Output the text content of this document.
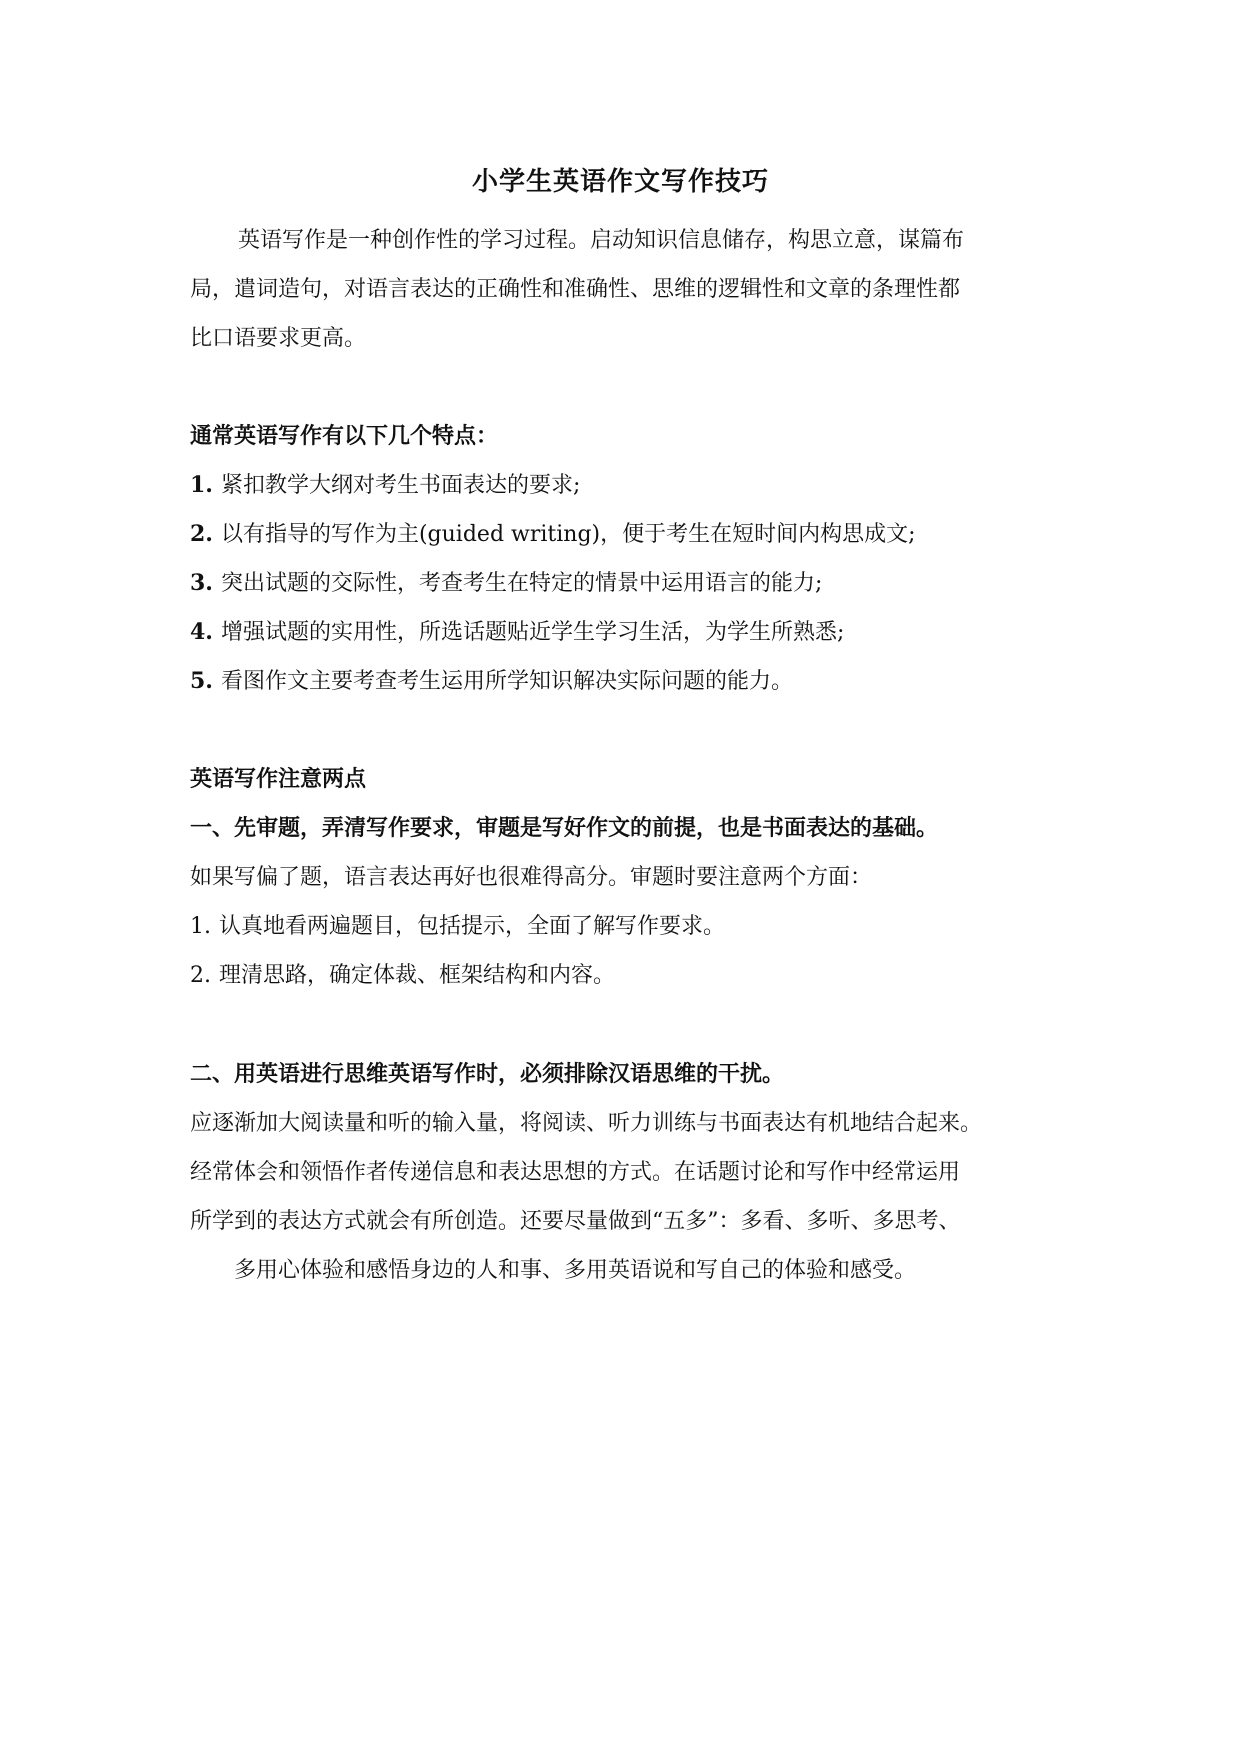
小学生英语作文写作技巧
英语写作是一种创作性的学习过程。启动知识信息储存，构思立意，谋篇布
局，遣词造句，对语言表达的正确性和准确性、思维的逻辑性和文章的条理性都
比口语要求更高。
通常英语写作有以下几个特点：
1. 紧扣教学大纲对考生书面表达的要求;
2. 以有指导的写作为主(guided writing)，便于考生在短时间内构思成文;
3. 突出试题的交际性，考查考生在特定的情景中运用语言的能力;
4. 增强试题的实用性，所选话题贴近学生学习生活，为学生所熟悉;
5. 看图作文主要考查考生运用所学知识解决实际问题的能力。
英语写作注意两点
一、先审题，弄清写作要求，审题是写好作文的前提，也是书面表达的基础。
如果写偏了题，语言表达再好也很难得高分。审题时要注意两个方面：
1. 认真地看两遍题目，包括提示，全面了解写作要求。
2. 理清思路，确定体裁、框架结构和内容。
二、用英语进行思维英语写作时，必须排除汉语思维的干扰。
应逐渐加大阅读量和听的输入量，将阅读、听力训练与书面表达有机地结合起来。
经常体会和领悟作者传递信息和表达思想的方式。在话题讨论和写作中经常运用
所学到的表达方式就会有所创造。还要尽量做到“五多”：多看、多听、多思考、
多用心体验和感悟身边的人和事、多用英语说和写自己的体验和感受。
